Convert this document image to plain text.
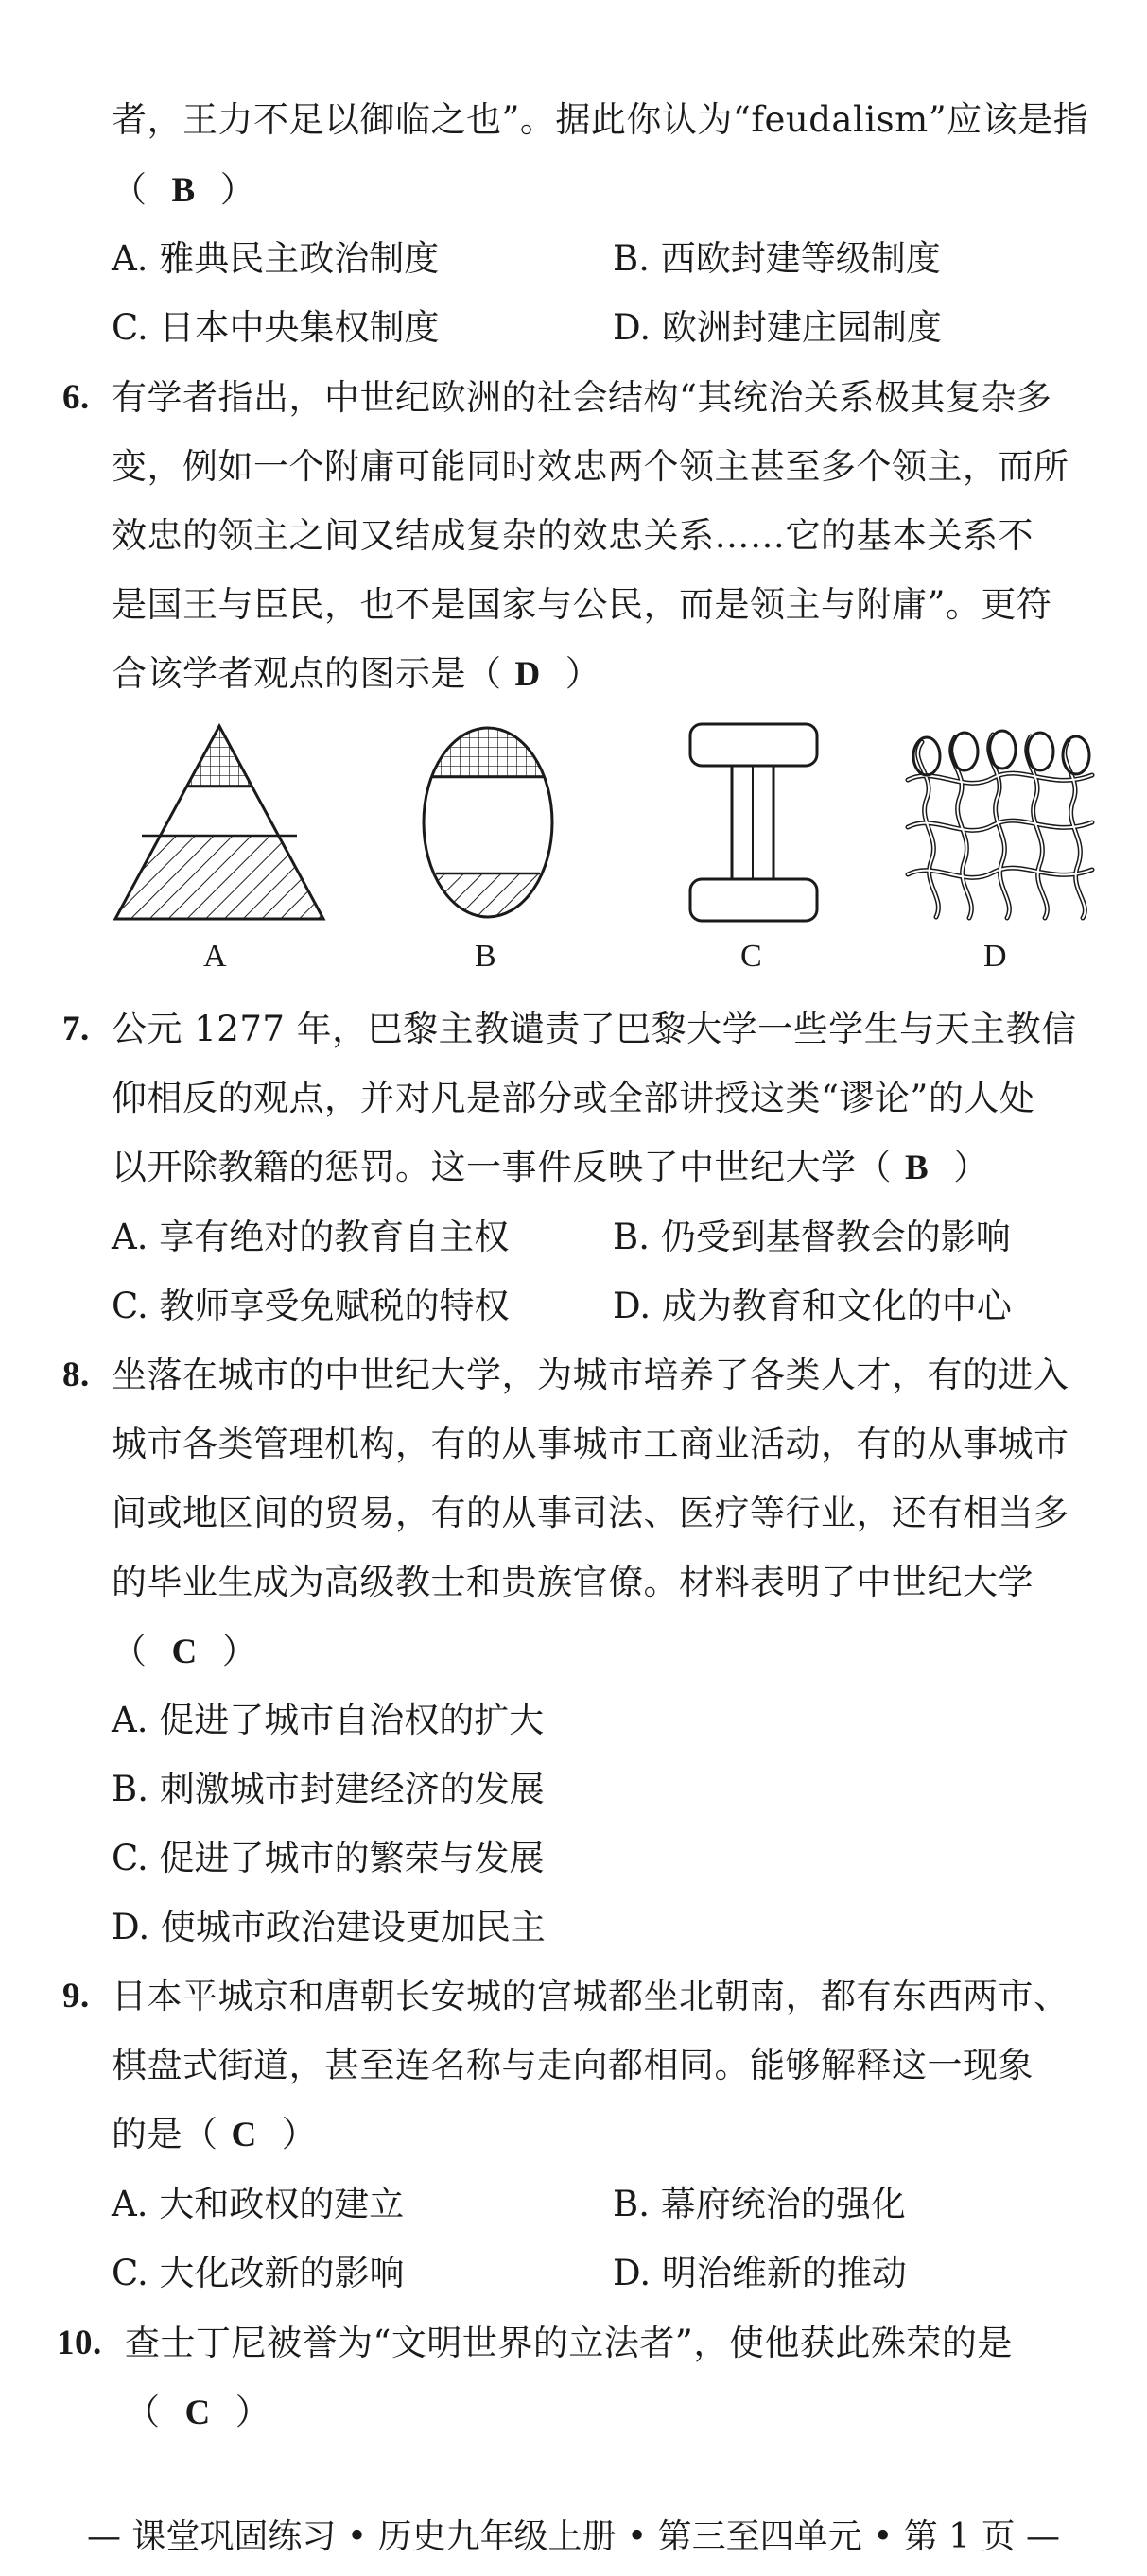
者，王力不足以御临之也”。据此你认为“feudalism”应该是指
（ B ）
A. 雅典民主政治制度	B. 西欧封建等级制度
C. 日本中央集权制度	D. 欧洲封建庄园制度
6. 有学者指出，中世纪欧洲的社会结构“其统治关系极其复杂多
变，例如一个附庸可能同时效忠两个领主甚至多个领主，而所
效忠的领主之间又结成复杂的效忠关系……它的基本关系不
是国王与臣民，也不是国家与公民，而是领主与附庸”。更符
合该学者观点的图示是（ D ）
A	B	C	D
7. 公元 1277 年，巴黎主教谴责了巴黎大学一些学生与天主教信
仰相反的观点，并对凡是部分或全部讲授这类“谬论”的人处
以开除教籍的惩罚。这一事件反映了中世纪大学（ B ）
A. 享有绝对的教育自主权	B. 仍受到基督教会的影响
C. 教师享受免赋税的特权	D. 成为教育和文化的中心
8. 坐落在城市的中世纪大学，为城市培养了各类人才，有的进入
城市各类管理机构，有的从事城市工商业活动，有的从事城市
间或地区间的贸易，有的从事司法、医疗等行业，还有相当多
的毕业生成为高级教士和贵族官僚。材料表明了中世纪大学
（ C ）
A. 促进了城市自治权的扩大
B. 刺激城市封建经济的发展
C. 促进了城市的繁荣与发展
D. 使城市政治建设更加民主
9. 日本平城京和唐朝长安城的宫城都坐北朝南，都有东西两市、
棋盘式街道，甚至连名称与走向都相同。能够解释这一现象
的是（ C ）
A. 大和政权的建立	B. 幕府统治的强化
C. 大化改新的影响	D. 明治维新的推动
10. 查士丁尼被誉为“文明世界的立法者”，使他获此殊荣的是
（ C ）
— 课堂巩固练习 • 历史九年级上册 • 第三至四单元 • 第 1 页 —
